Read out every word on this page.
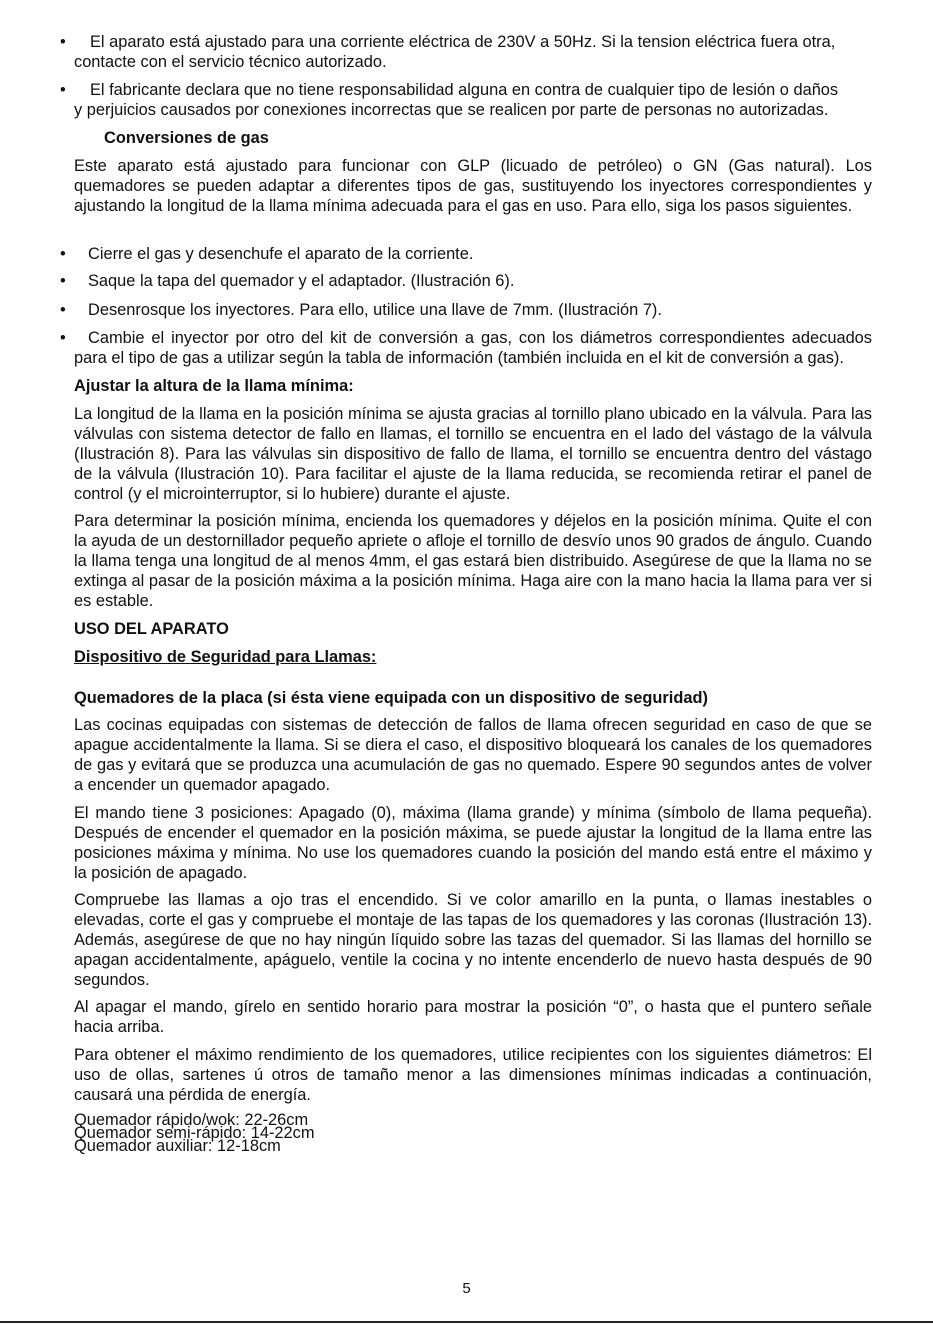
•	El aparato está ajustado para una corriente eléctrica de 230V a 50Hz. Si la tension eléctrica fuera otra,
contacte con el servicio técnico autorizado.

•	El fabricante declara que no tiene responsabilidad alguna en contra de cualquier tipo de lesión o daños
y perjuicios causados por conexiones incorrectas que se realicen por parte de personas no autorizadas.

Conversiones de gas

Este aparato está ajustado para funcionar con GLP (licuado de petróleo) o GN (Gas natural). Los quemadores se pueden adaptar a diferentes tipos de gas, sustituyendo los inyectores correspondientes y ajustando la longitud de la llama mínima adecuada para el gas en uso. Para ello, siga los pasos siguientes.

•	Cierre el gas y desenchufe el aparato de la corriente.

•	Saque la tapa del quemador y el adaptador. (Ilustración 6).

•	Desenrosque los inyectores. Para ello, utilice una llave de 7mm. (Ilustración 7).

•	Cambie el inyector por otro del kit de conversión a gas, con los diámetros correspondientes adecuados para el tipo de gas a utilizar según la tabla de información (también incluida en el kit de conversión a gas).

Ajustar la altura de la llama mínima:

La longitud de la llama en la posición mínima se ajusta gracias al tornillo plano ubicado en la válvula. Para las válvulas con sistema detector de fallo en llamas, el tornillo se encuentra en el lado del vástago de la válvula (Ilustración 8). Para las válvulas sin dispositivo de fallo de llama, el tornillo se encuentra dentro del vástago de la válvula (Ilustración 10). Para facilitar el ajuste de la llama reducida, se recomienda retirar el panel de control (y el microinterruptor, si lo hubiere) durante el ajuste.

Para determinar la posición mínima, encienda los quemadores y déjelos en la posición mínima. Quite el con la ayuda de un destornillador pequeño apriete o afloje el tornillo de desvío unos 90 grados de ángulo. Cuando la llama tenga una longitud de al menos 4mm, el gas estará bien distribuido. Asegúrese de que la llama no se extinga al pasar de la posición máxima a la posición mínima. Haga aire con la mano hacia la llama para ver si es estable.

USO DEL APARATO

Dispositivo de Seguridad para Llamas:

Quemadores de la placa (si ésta viene equipada con un dispositivo de seguridad)

Las cocinas equipadas con sistemas de detección de fallos de llama ofrecen seguridad en caso de que se apague accidentalmente la llama. Si se diera el caso, el dispositivo bloqueará los canales de los quemadores de gas y evitará que se produzca una acumulación de gas no quemado. Espere 90 segundos antes de volver a encender un quemador apagado.

El mando tiene 3 posiciones: Apagado (0), máxima (llama grande) y mínima (símbolo de llama pequeña). Después de encender el quemador en la posición máxima, se puede ajustar la longitud de la llama entre las posiciones máxima y mínima. No use los quemadores cuando la posición del mando está entre el máximo y la posición de apagado.

Compruebe las llamas a ojo tras el encendido. Si ve color amarillo en la punta, o llamas inestables o elevadas, corte el gas y compruebe el montaje de las tapas de los quemadores y las coronas (Ilustración 13). Además, asegúrese de que no hay ningún líquido sobre las tazas del quemador. Si las llamas del hornillo se apagan accidentalmente, apáguelo, ventile la cocina y no intente encenderlo de nuevo hasta después de 90 segundos.

Al apagar el mando, gírelo en sentido horario para mostrar la posición “0”, o hasta que el puntero señale hacia arriba.

Para obtener el máximo rendimiento de los quemadores, utilice recipientes con los siguientes diámetros: El uso de ollas, sartenes ú otros de tamaño menor a las dimensiones mínimas indicadas a continuación, causará una pérdida de energía.

Quemador rápido/wok: 22-26cm
Quemador semi-rápido: 14-22cm
Quemador auxiliar: 12-18cm
5
